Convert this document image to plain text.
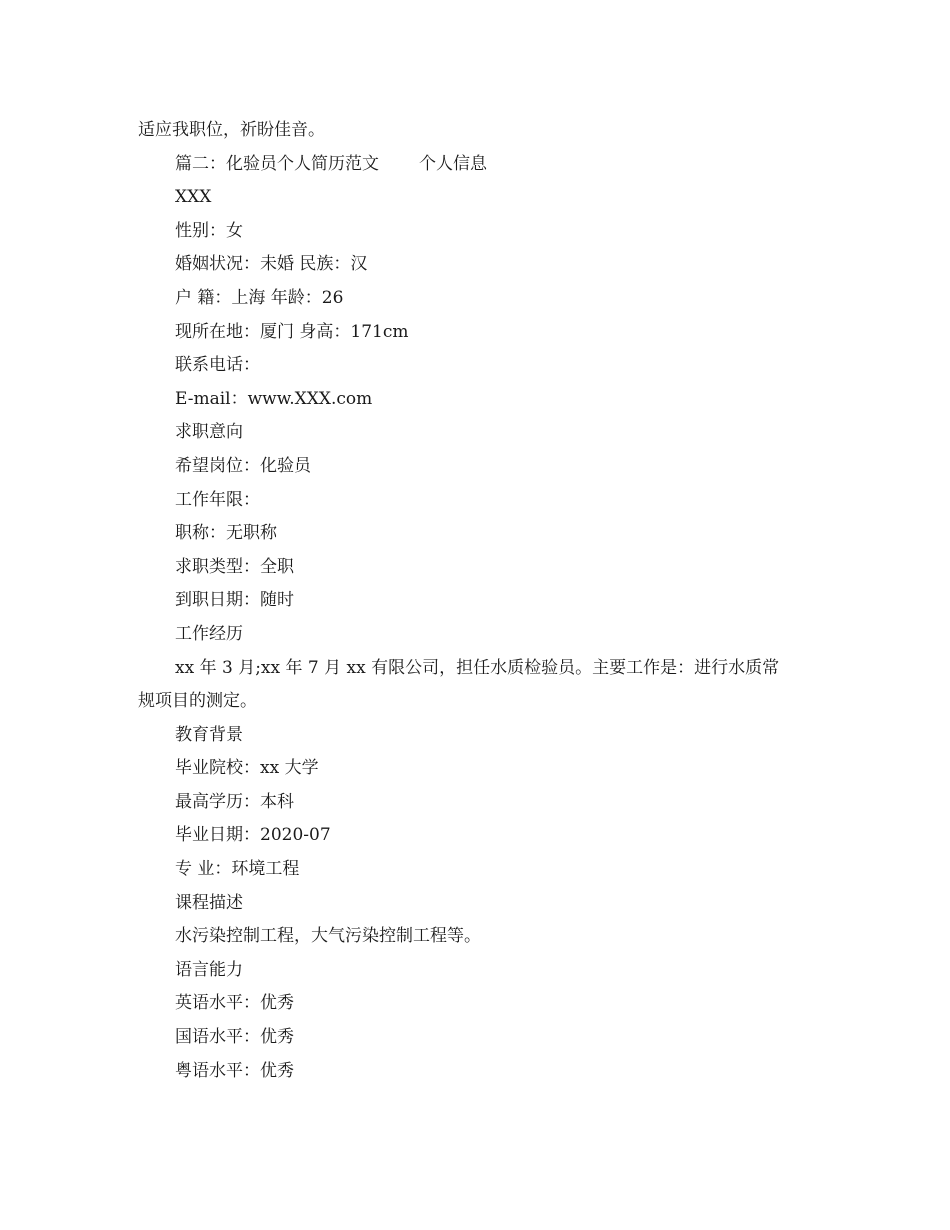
适应我职位，祈盼佳音。
篇二：化验员个人简历范文 个人信息
XXX
性别：女
婚姻状况：未婚 民族：汉
户 籍：上海 年龄：26
现所在地：厦门 身高：171cm
联系电话：
E-mail：www.XXX.com
求职意向
希望岗位：化验员
工作年限：
职称：无职称
求职类型：全职
到职日期：随时
工作经历
xx 年 3 月;xx 年 7 月 xx 有限公司，担任水质检验员。主要工作是：进行水质常
规项目的测定。
教育背景
毕业院校：xx 大学
最高学历：本科
毕业日期：2020-07
专 业：环境工程
课程描述
水污染控制工程，大气污染控制工程等。
语言能力
英语水平：优秀
国语水平：优秀
粤语水平：优秀
